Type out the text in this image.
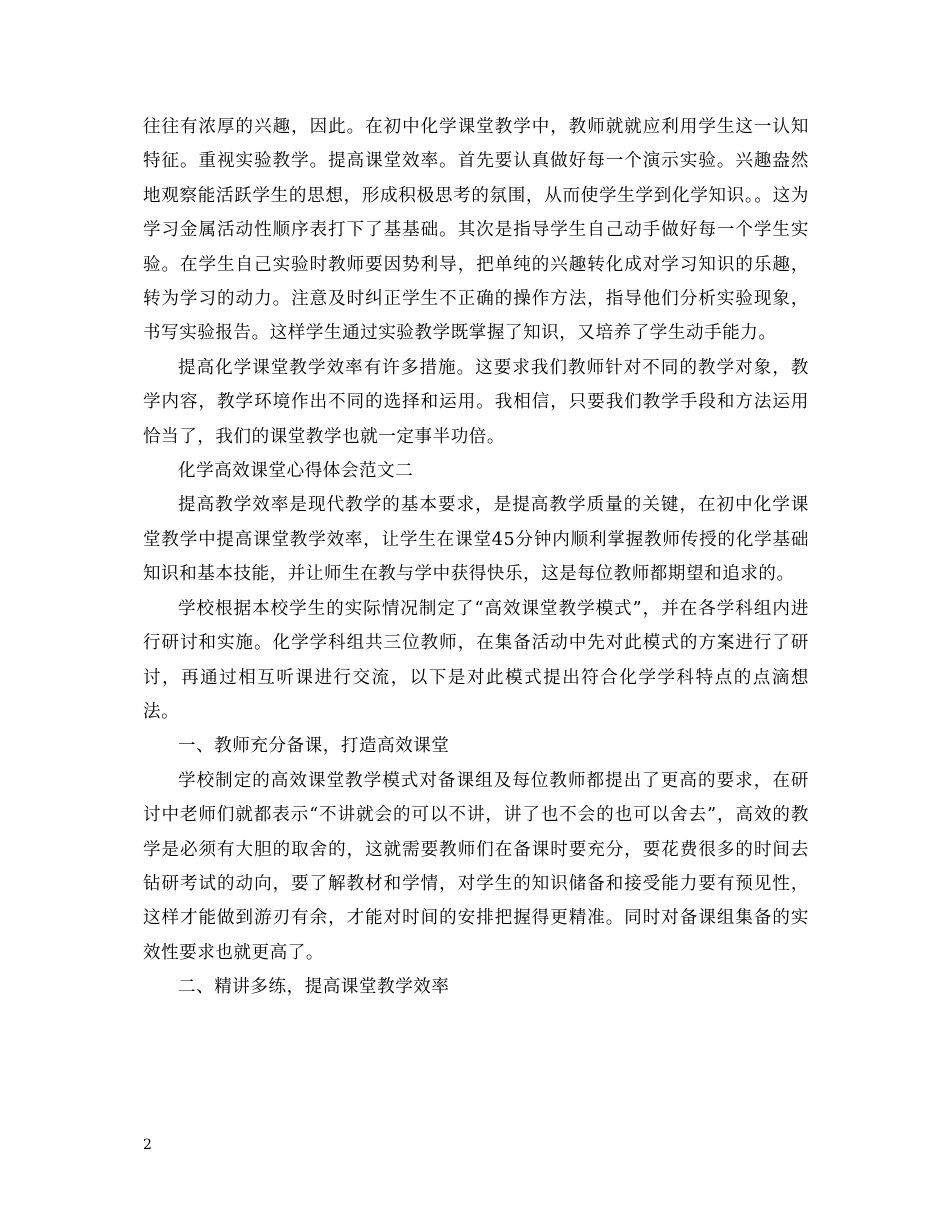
往往有浓厚的兴趣，因此。在初中化学课堂教学中，教师就就应利用学生这一认知特征。重视实验教学。提高课堂效率。首先要认真做好每一个演示实验。兴趣盎然地观察能活跃学生的思想，形成积极思考的氛围，从而使学生学到化学知识。。这为学习金属活动性顺序表打下了基基础。其次是指导学生自己动手做好每一个学生实验。在学生自己实验时教师要因势利导，把单纯的兴趣转化成对学习知识的乐趣，转为学习的动力。注意及时纠正学生不正确的操作方法，指导他们分析实验现象，书写实验报告。这样学生通过实验教学既掌握了知识，又培养了学生动手能力。

提高化学课堂教学效率有许多措施。这要求我们教师针对不同的教学对象，教学内容，教学环境作出不同的选择和运用。我相信，只要我们教学手段和方法运用恰当了，我们的课堂教学也就一定事半功倍。

化学高效课堂心得体会范文二

提高教学效率是现代教学的基本要求，是提高教学质量的关键，在初中化学课堂教学中提高课堂教学效率，让学生在课堂45分钟内顺利掌握教师传授的化学基础知识和基本技能，并让师生在教与学中获得快乐，这是每位教师都期望和追求的。

学校根据本校学生的实际情况制定了“高效课堂教学模式”，并在各学科组内进行研讨和实施。化学学科组共三位教师，在集备活动中先对此模式的方案进行了研讨，再通过相互听课进行交流，以下是对此模式提出符合化学学科特点的点滴想法。

一、教师充分备课，打造高效课堂

学校制定的高效课堂教学模式对备课组及每位教师都提出了更高的要求，在研讨中老师们就都表示“不讲就会的可以不讲，讲了也不会的也可以舍去”，高效的教学是必须有大胆的取舍的，这就需要教师们在备课时要充分，要花费很多的时间去钻研考试的动向，要了解教材和学情，对学生的知识储备和接受能力要有预见性，这样才能做到游刃有余，才能对时间的安排把握得更精准。同时对备课组集备的实效性要求也就更高了。

二、精讲多练，提高课堂教学效率

2
